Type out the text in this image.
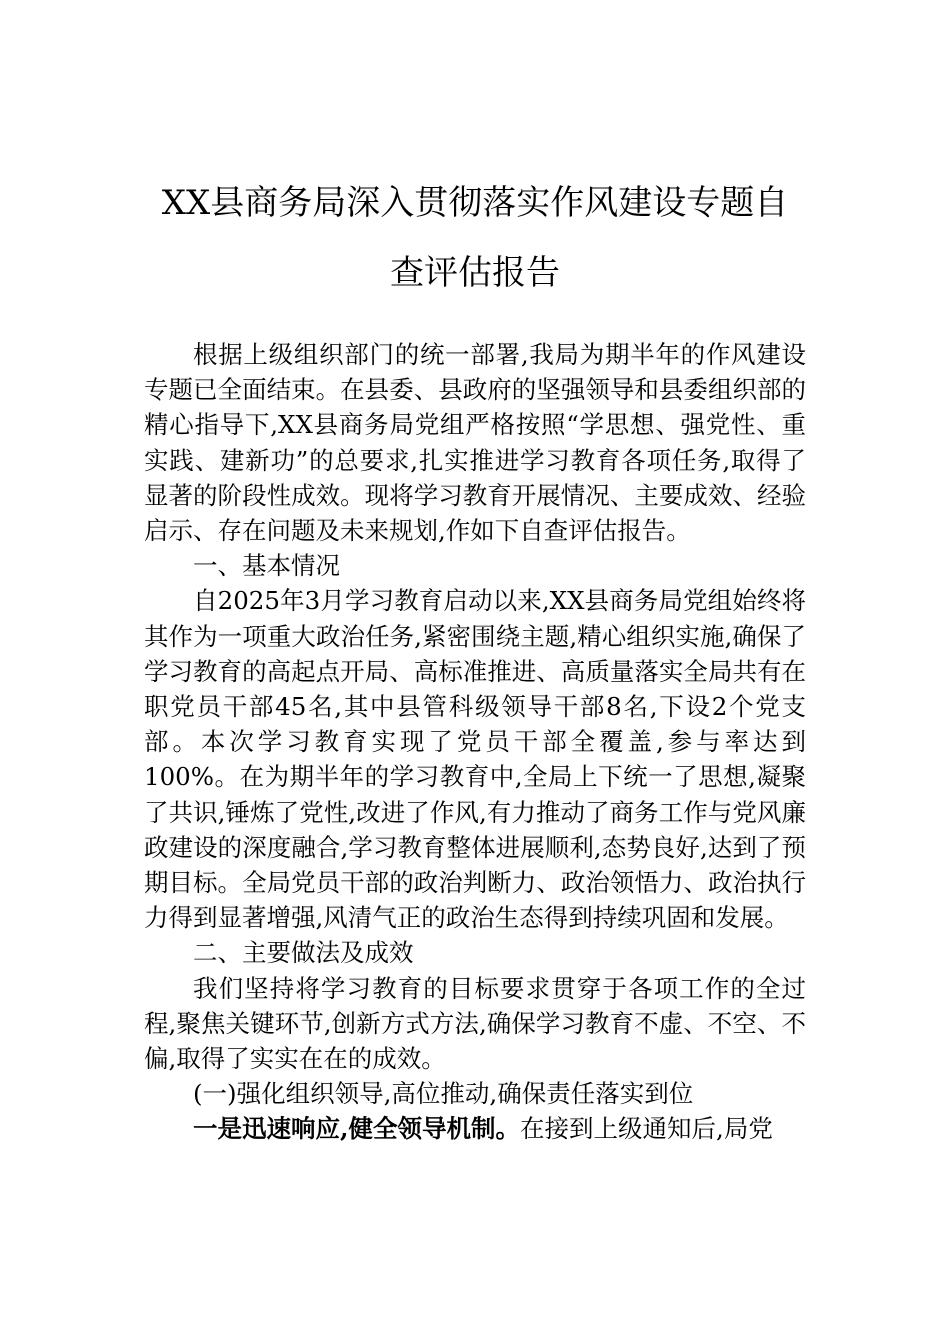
XX县商务局深入贯彻落实作风建设专题自
查评估报告

根据上级组织部门的统一部署,我局为期半年的作风建设专题已全面结束。在县委、县政府的坚强领导和县委组织部的精心指导下,XX县商务局党组严格按照“学思想、强党性、重实践、建新功”的总要求,扎实推进学习教育各项任务,取得了显著的阶段性成效。现将学习教育开展情况、主要成效、经验启示、存在问题及未来规划,作如下自查评估报告。

一、基本情况

自2025年3月学习教育启动以来,XX县商务局党组始终将其作为一项重大政治任务,紧密围绕主题,精心组织实施,确保了学习教育的高起点开局、高标准推进、高质量落实全局共有在职党员干部45名,其中县管科级领导干部8名,下设2个党支部。本次学习教育实现了党员干部全覆盖,参与率达到100%。在为期半年的学习教育中,全局上下统一了思想,凝聚了共识,锤炼了党性,改进了作风,有力推动了商务工作与党风廉政建设的深度融合,学习教育整体进展顺利,态势良好,达到了预期目标。全局党员干部的政治判断力、政治领悟力、政治执行力得到显著增强,风清气正的政治生态得到持续巩固和发展。

二、主要做法及成效

我们坚持将学习教育的目标要求贯穿于各项工作的全过程,聚焦关键环节,创新方式方法,确保学习教育不虚、不空、不偏,取得了实实在在的成效。

(一)强化组织领导,高位推动,确保责任落实到位

一是迅速响应,健全领导机制。在接到上级通知后,局党
